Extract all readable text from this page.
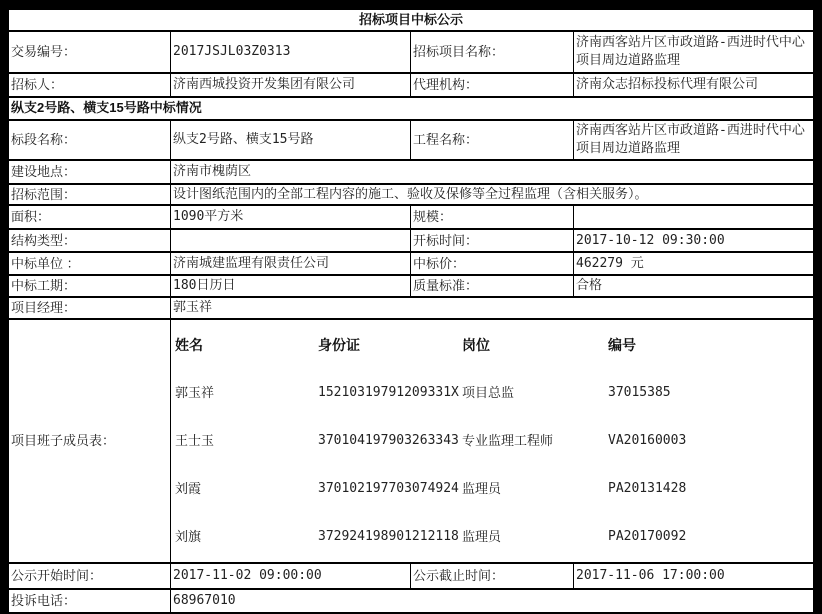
招标项目中标公示			
交易编号：	2017JSJL03Z0313	招标项目名称：	济南西客站片区市政道路-西进时代中心项目周边道路监理
招标人：	济南西城投资开发集团有限公司	代理机构：	济南众志招标投标代理有限公司
纵支2号路、横支15号路中标情况			
标段名称：	纵支2号路、横支15号路	工程名称：	济南西客站片区市政道路-西进时代中心项目周边道路监理
建设地点：	济南市槐荫区		
招标范围：	设计图纸范围内的全部工程内容的施工、验收及保修等全过程监理（含相关服务）。		
面积：	1090平方米	规模：	
结构类型：		开标时间：	2017-10-12 09:30:00
中标单位 ：	济南城建监理有限责任公司	中标价：	462279 元
中标工期：	180日历日	质量标准：	合格
项目经理：	郭玉祥		
项目班子成员表：	
姓名	身份证	岗位	编号
郭玉祥	15210319791209331X 项目总监	37015385
王士玉	370104197903263343 专业监理工程师	VA20160003
刘霞	370102197703074924 监理员	PA20131428
刘旗	372924198901212118 监理员	PA20170092

公示开始时间：	2017-11-02 09:00:00	公示截止时间：	2017-11-06 17:00:00
投诉电话：	68967010		
